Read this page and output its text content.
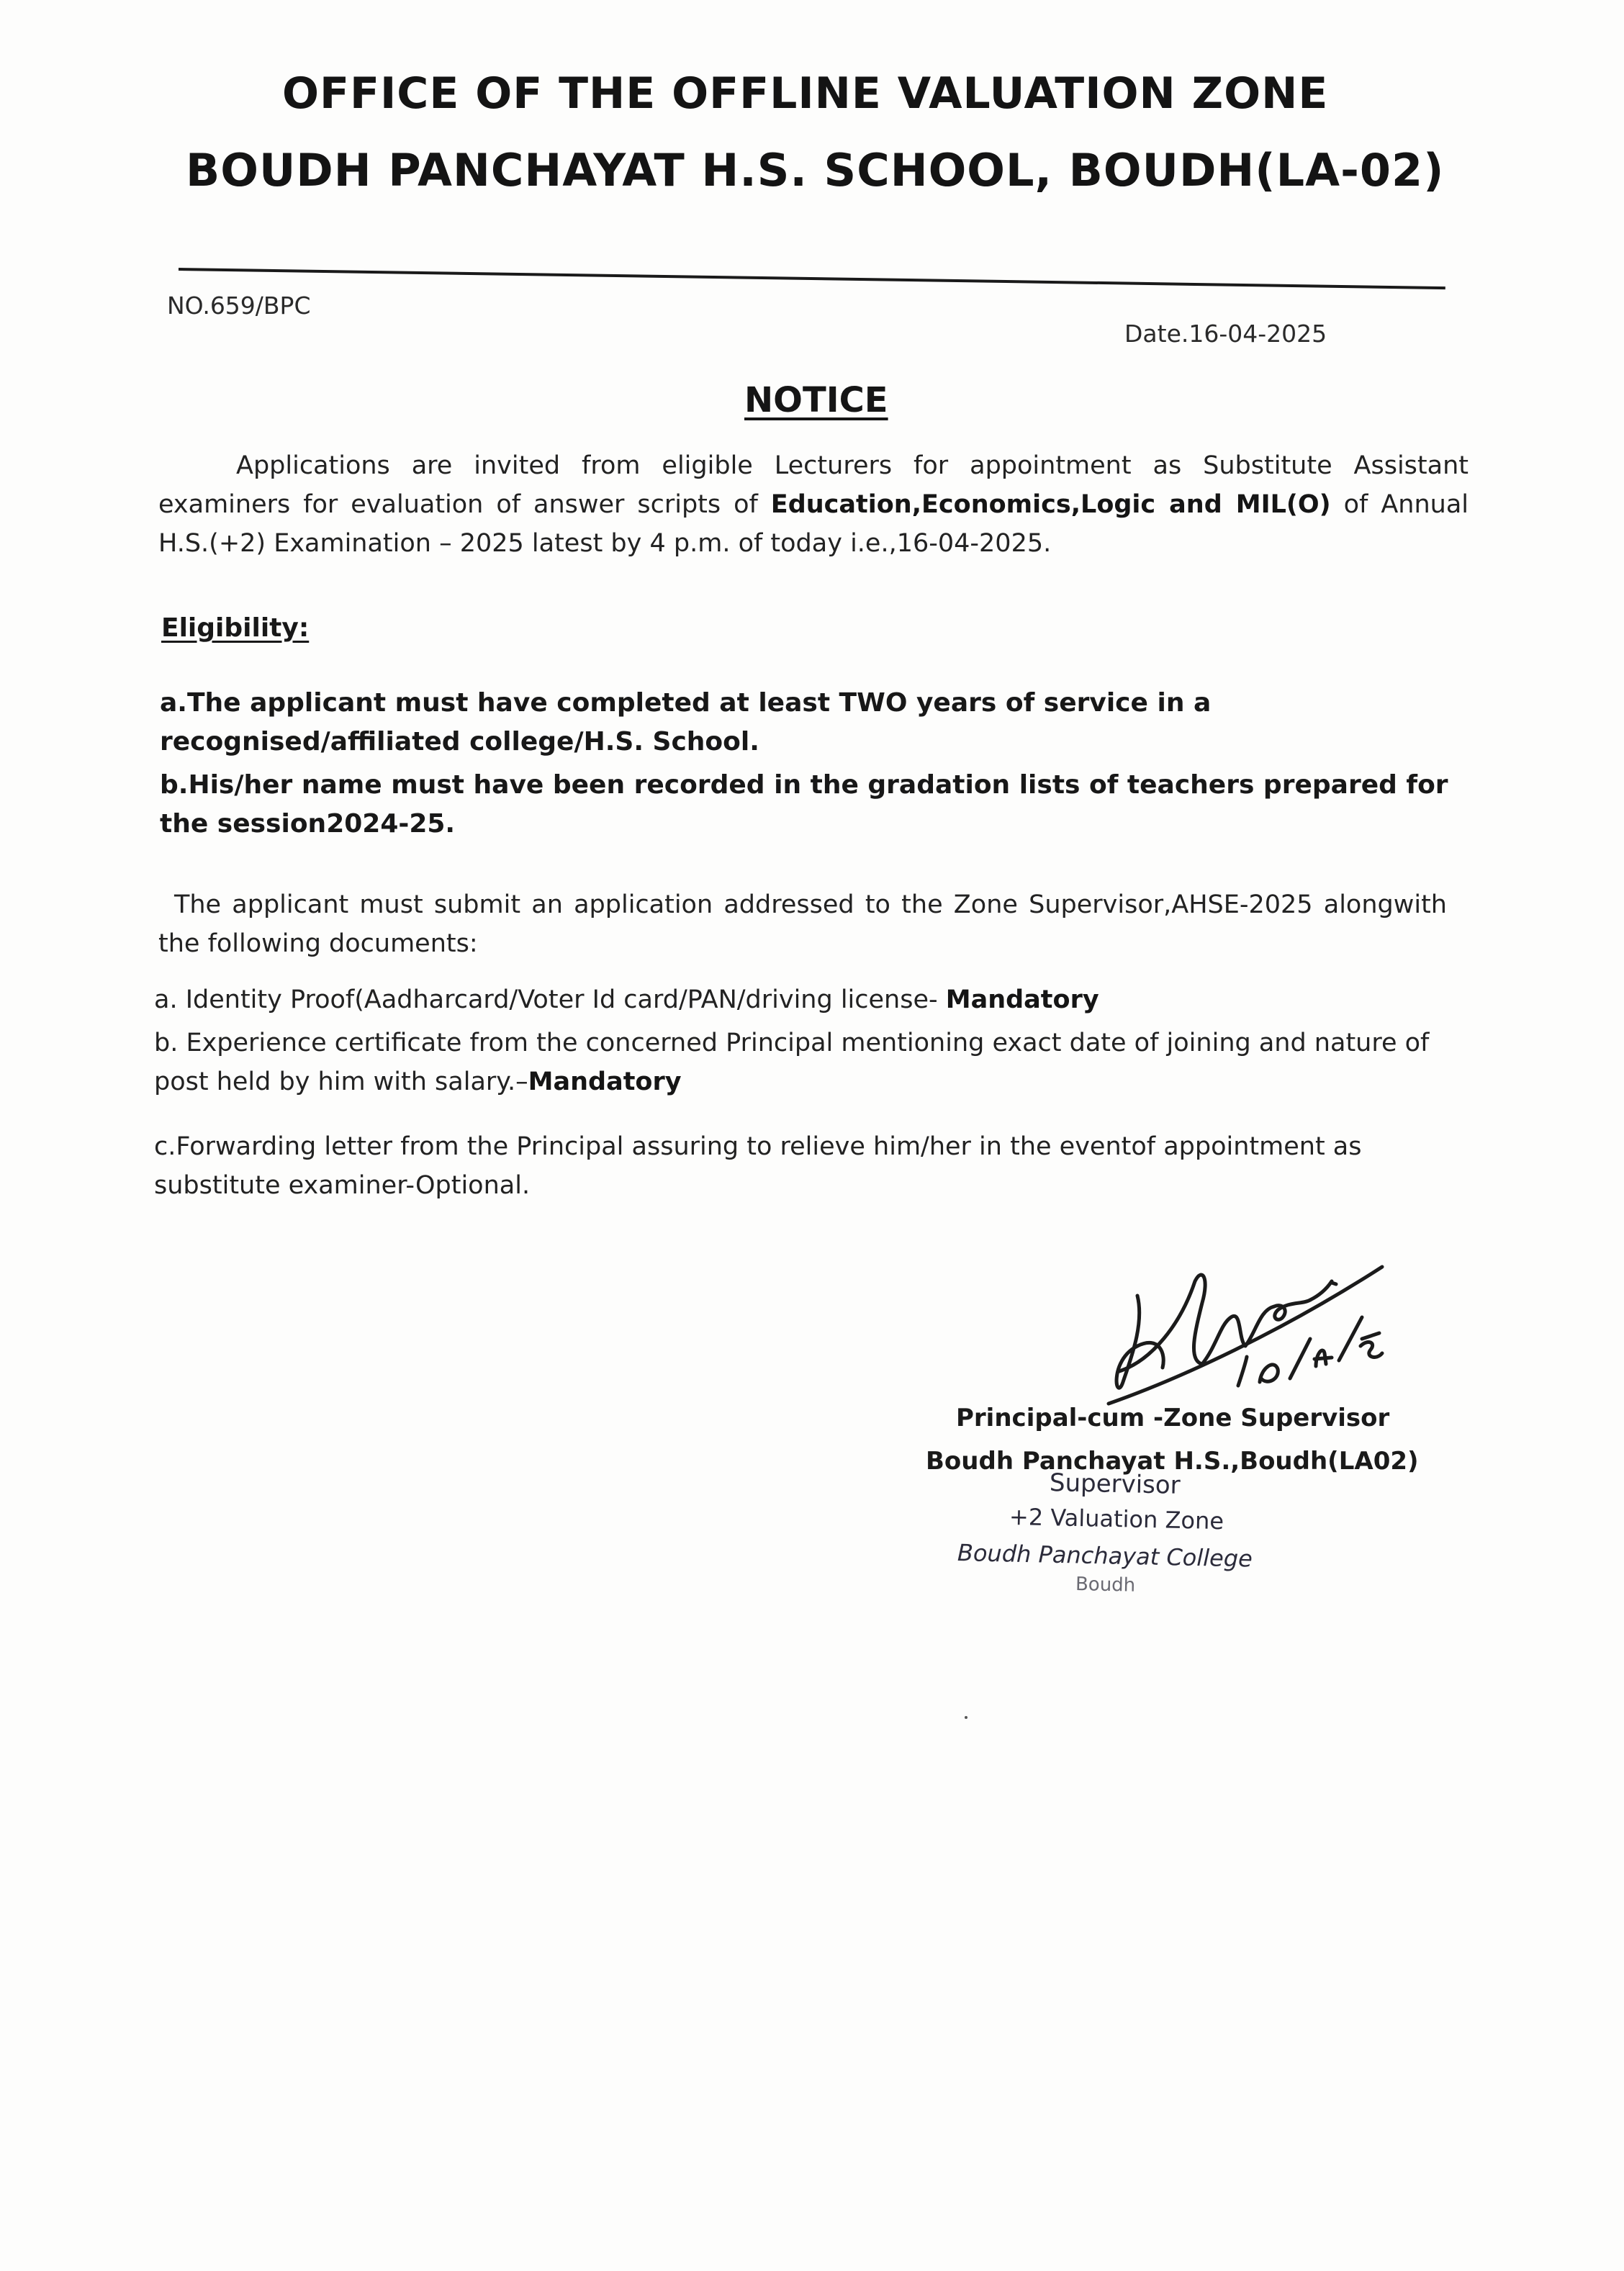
OFFICE OF THE OFFLINE VALUATION ZONE
BOUDH PANCHAYAT H.S. SCHOOL, BOUDH(LA-02)
NO.659/BPC
Date.16-04-2025
NOTICE
Applications are invited from eligible Lecturers for appointment as Substitute Assistant examiners for evaluation of answer scripts of Education,Economics,Logic and MIL(O) of Annual H.S.(+2) Examination – 2025 latest by 4 p.m. of today i.e.,16-04-2025.
Eligibility:
a.The applicant must have completed at least TWO years of service in a recognised/affiliated college/H.S. School.
b.His/her name must have been recorded in the gradation lists of teachers prepared for the session2024-25.
The applicant must submit an application addressed to the Zone Supervisor,AHSE-2025 alongwith the following documents:
a. Identity Proof(Aadharcard/Voter Id card/PAN/driving license- Mandatory
b. Experience certificate from the concerned Principal mentioning exact date of joining and nature of post held by him with salary.–Mandatory
c.Forwarding letter from the Principal assuring to relieve him/her in the eventof appointment as substitute examiner-Optional.
Principal-cum -Zone Supervisor
Boudh Panchayat H.S.,Boudh(LA02)
Supervisor
+2 Valuation Zone
Boudh Panchayat College
Boudh
